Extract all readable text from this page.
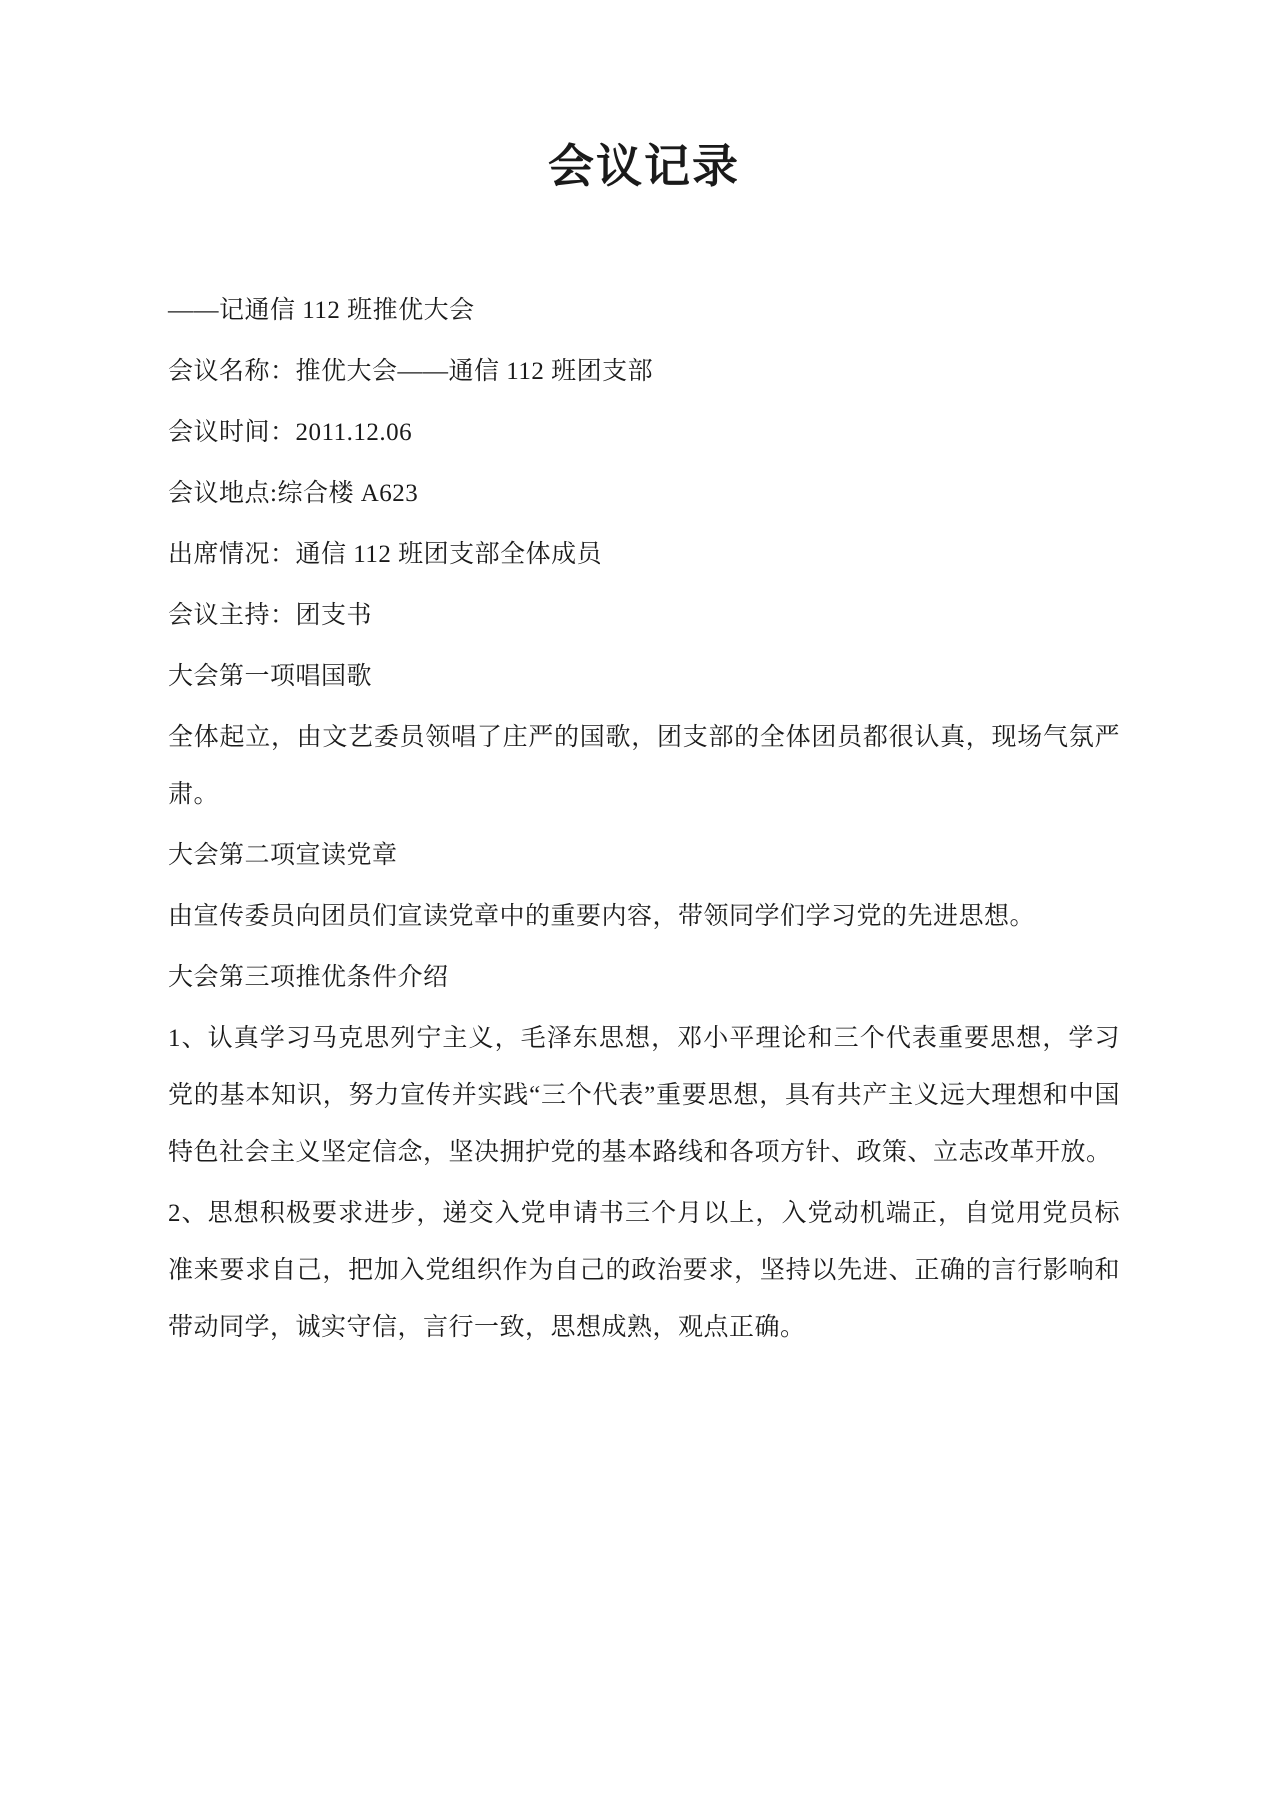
会议记录

——记通信 112 班推优大会

会议名称：推优大会——通信 112 班团支部

会议时间：2011.12.06

会议地点:综合楼 A623

出席情况：通信 112 班团支部全体成员

会议主持：团支书

大会第一项唱国歌

全体起立，由文艺委员领唱了庄严的国歌，团支部的全体团员都很认真，现场气氛严肃。

大会第二项宣读党章

由宣传委员向团员们宣读党章中的重要内容，带领同学们学习党的先进思想。

大会第三项推优条件介绍

1、认真学习马克思列宁主义，毛泽东思想，邓小平理论和三个代表重要思想，学习党的基本知识，努力宣传并实践“三个代表”重要思想，具有共产主义远大理想和中国特色社会主义坚定信念，坚决拥护党的基本路线和各项方针、政策、立志改革开放。

2、思想积极要求进步，递交入党申请书三个月以上，入党动机端正，自觉用党员标准来要求自己，把加入党组织作为自己的政治要求，坚持以先进、正确的言行影响和带动同学，诚实守信，言行一致，思想成熟，观点正确。
